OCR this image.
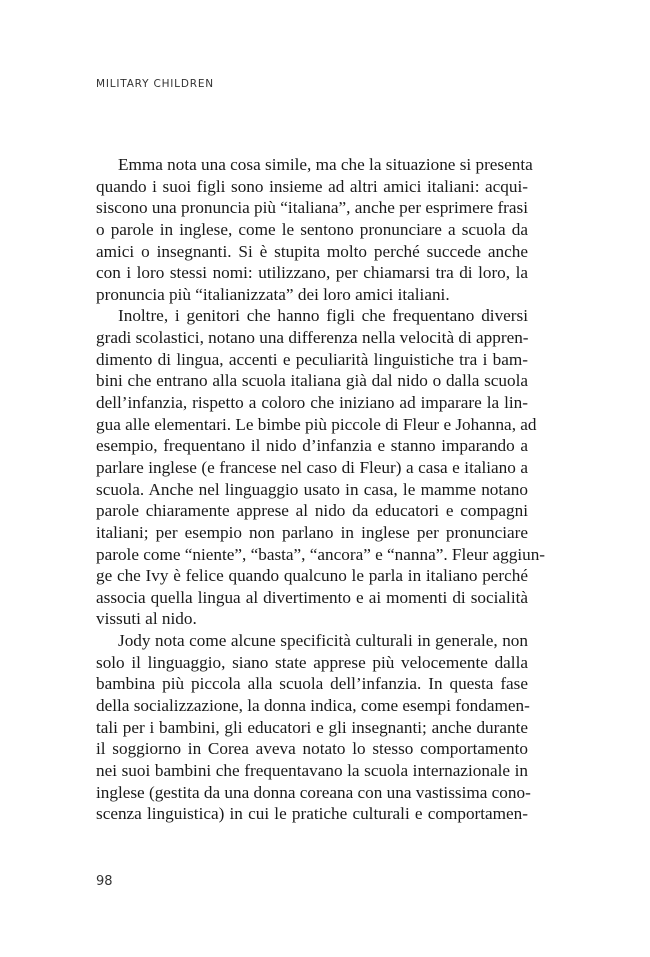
MILITARY CHILDREN
Emma nota una cosa simile, ma che la situazione si presenta
quando i suoi figli sono insieme ad altri amici italiani: acqui-
siscono una pronuncia più “italiana”, anche per esprimere frasi
o parole in inglese, come le sentono pronunciare a scuola da
amici o insegnanti. Si è stupita molto perché succede anche
con i loro stessi nomi: utilizzano, per chiamarsi tra di loro, la
pronuncia più “italianizzata” dei loro amici italiani.
Inoltre, i genitori che hanno figli che frequentano diversi
gradi scolastici, notano una differenza nella velocità di appren-
dimento di lingua, accenti e peculiarità linguistiche tra i bam-
bini che entrano alla scuola italiana già dal nido o dalla scuola
dell’infanzia, rispetto a coloro che iniziano ad imparare la lin-
gua alle elementari. Le bimbe più piccole di Fleur e Johanna, ad
esempio, frequentano il nido d’infanzia e stanno imparando a
parlare inglese (e francese nel caso di Fleur) a casa e italiano a
scuola. Anche nel linguaggio usato in casa, le mamme notano
parole chiaramente apprese al nido da educatori e compagni
italiani; per esempio non parlano in inglese per pronunciare
parole come “niente”, “basta”, “ancora” e “nanna”. Fleur aggiun-
ge che Ivy è felice quando qualcuno le parla in italiano perché
associa quella lingua al divertimento e ai momenti di socialità
vissuti al nido.
Jody nota come alcune specificità culturali in generale, non
solo il linguaggio, siano state apprese più velocemente dalla
bambina più piccola alla scuola dell’infanzia. In questa fase
della socializzazione, la donna indica, come esempi fondamen-
tali per i bambini, gli educatori e gli insegnanti; anche durante
il soggiorno in Corea aveva notato lo stesso comportamento
nei suoi bambini che frequentavano la scuola internazionale in
inglese (gestita da una donna coreana con una vastissima cono-
scenza linguistica) in cui le pratiche culturali e comportamen-
98
